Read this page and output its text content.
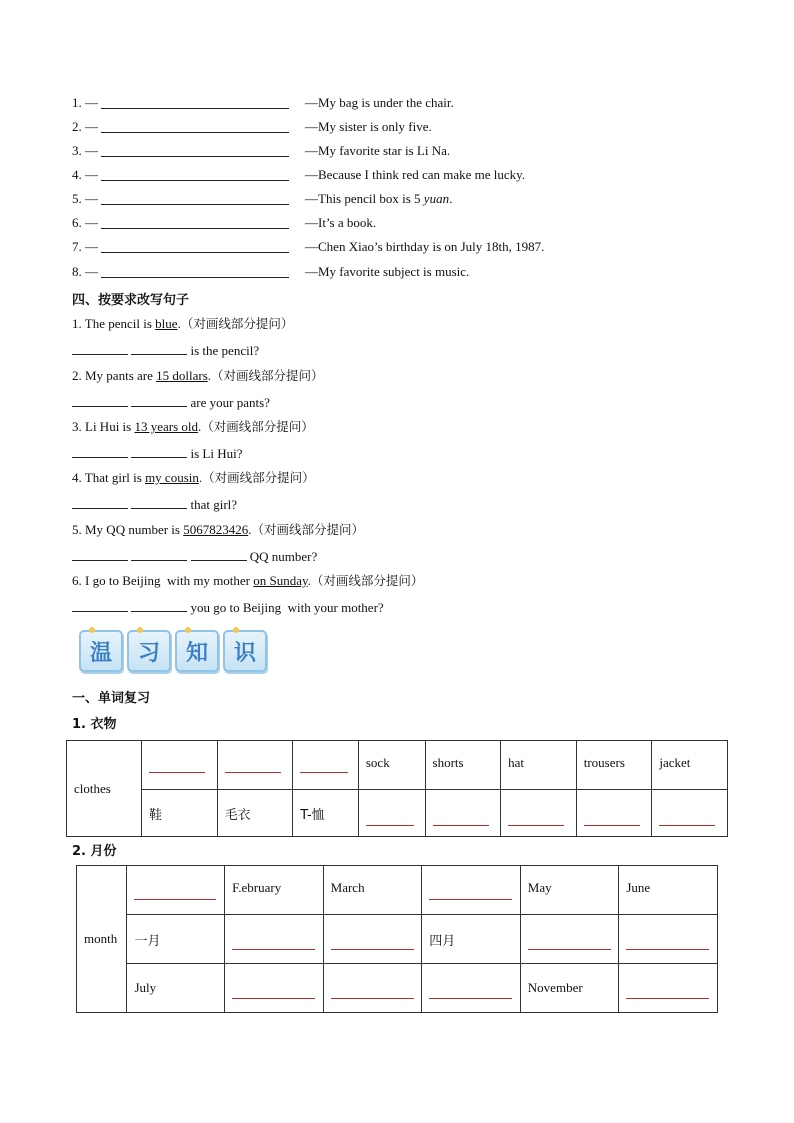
1. —	—My bag is under the chair.
2. —	—My sister is only five.
3. —	—My favorite star is Li Na.
4. —	—Because I think red can make me lucky.
5. —	—This pencil box is 5 yuan.
6. —	—It’s a book.
7. —	—Chen Xiao’s birthday is on July 18th, 1987.
8. —	—My favorite subject is music.
四、按要求改写句子
1. The pencil is blue.（对画线部分提问）
is the pencil?
2. My pants are 15 dollars.（对画线部分提问）
are your pants?
3. Li Hui is 13 years old.（对画线部分提问）
is Li Hui?
4. That girl is my cousin.（对画线部分提问）
that girl?
5. My QQ number is 5067823426.（对画线部分提问）
QQ number?
6. I go to Beijing  with my mother on Sunday.（对画线部分提问）
you go to Beijing  with your mother?
温	习	知	识
一、单词复习
1. 衣物
clothes				sock	shorts	hat	trousers	jacket
	鞋	毛衣	T-恤	

2. 月份
month		F.ebruary	March		May	June
	一月			四月	

	July				November	
